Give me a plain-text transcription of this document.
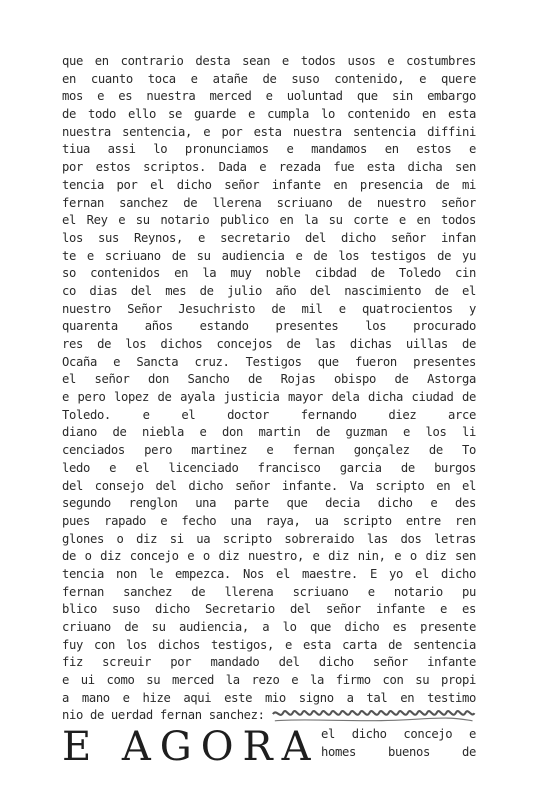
que en contrario desta sean e todos usos e costumbres
en cuanto toca e atañe de suso contenido, e quere
mos e es nuestra merced e uoluntad que sin embargo
de todo ello se guarde e cumpla lo contenido en esta
nuestra sentencia, e por esta nuestra sentencia diffini
tiua assi lo pronunciamos e mandamos en estos e
por estos scriptos. Dada e rezada fue esta dicha sen
tencia por el dicho señor infante en presencia de mi
fernan sanchez de llerena scriuano de nuestro señor
el Rey e su notario publico en la su corte e en todos
los sus Reynos, e secretario del dicho señor infan
te e scriuano de su audiencia e de los testigos de yu
so contenidos en la muy noble cibdad de Toledo cin
co dias del mes de julio año del nascimiento de el
nuestro Señor Jesuchristo de mil e quatrocientos y
quarenta años estando presentes los procurado
res de los dichos concejos de las dichas uillas de
Ocaña e Sancta cruz. Testigos que fueron presentes
el señor don Sancho de Rojas obispo de Astorga
e pero lopez de ayala justicia mayor dela dicha ciudad de
Toledo. e el doctor fernando diez arce
diano de niebla e don martin de guzman e los li
cenciados pero martinez e fernan gonçalez de To
ledo e el licenciado francisco garcia de burgos
del consejo del dicho señor infante. Va scripto en el
segundo renglon una parte que decia dicho e des
pues rapado e fecho una raya, ua scripto entre ren
glones o diz si ua scripto sobreraido las dos letras
de o diz concejo e o diz nuestro, e diz nin, e o diz sen
tencia non le empezca. Nos el maestre. E yo el dicho
fernan sanchez de llerena scriuano e notario pu
blico suso dicho Secretario del señor infante e es
criuano de su audiencia, a lo que dicho es presente
fuy con los dichos testigos, e esta carta de sentencia
fiz screuir por mandado del dicho señor infante
e ui como su merced la rezo e la firmo con su propi
a mano e hize aqui este mio signo a tal en testimo
nio de uerdad fernan sanchez:
E AGORA el dicho concejo e
homes buenos de
